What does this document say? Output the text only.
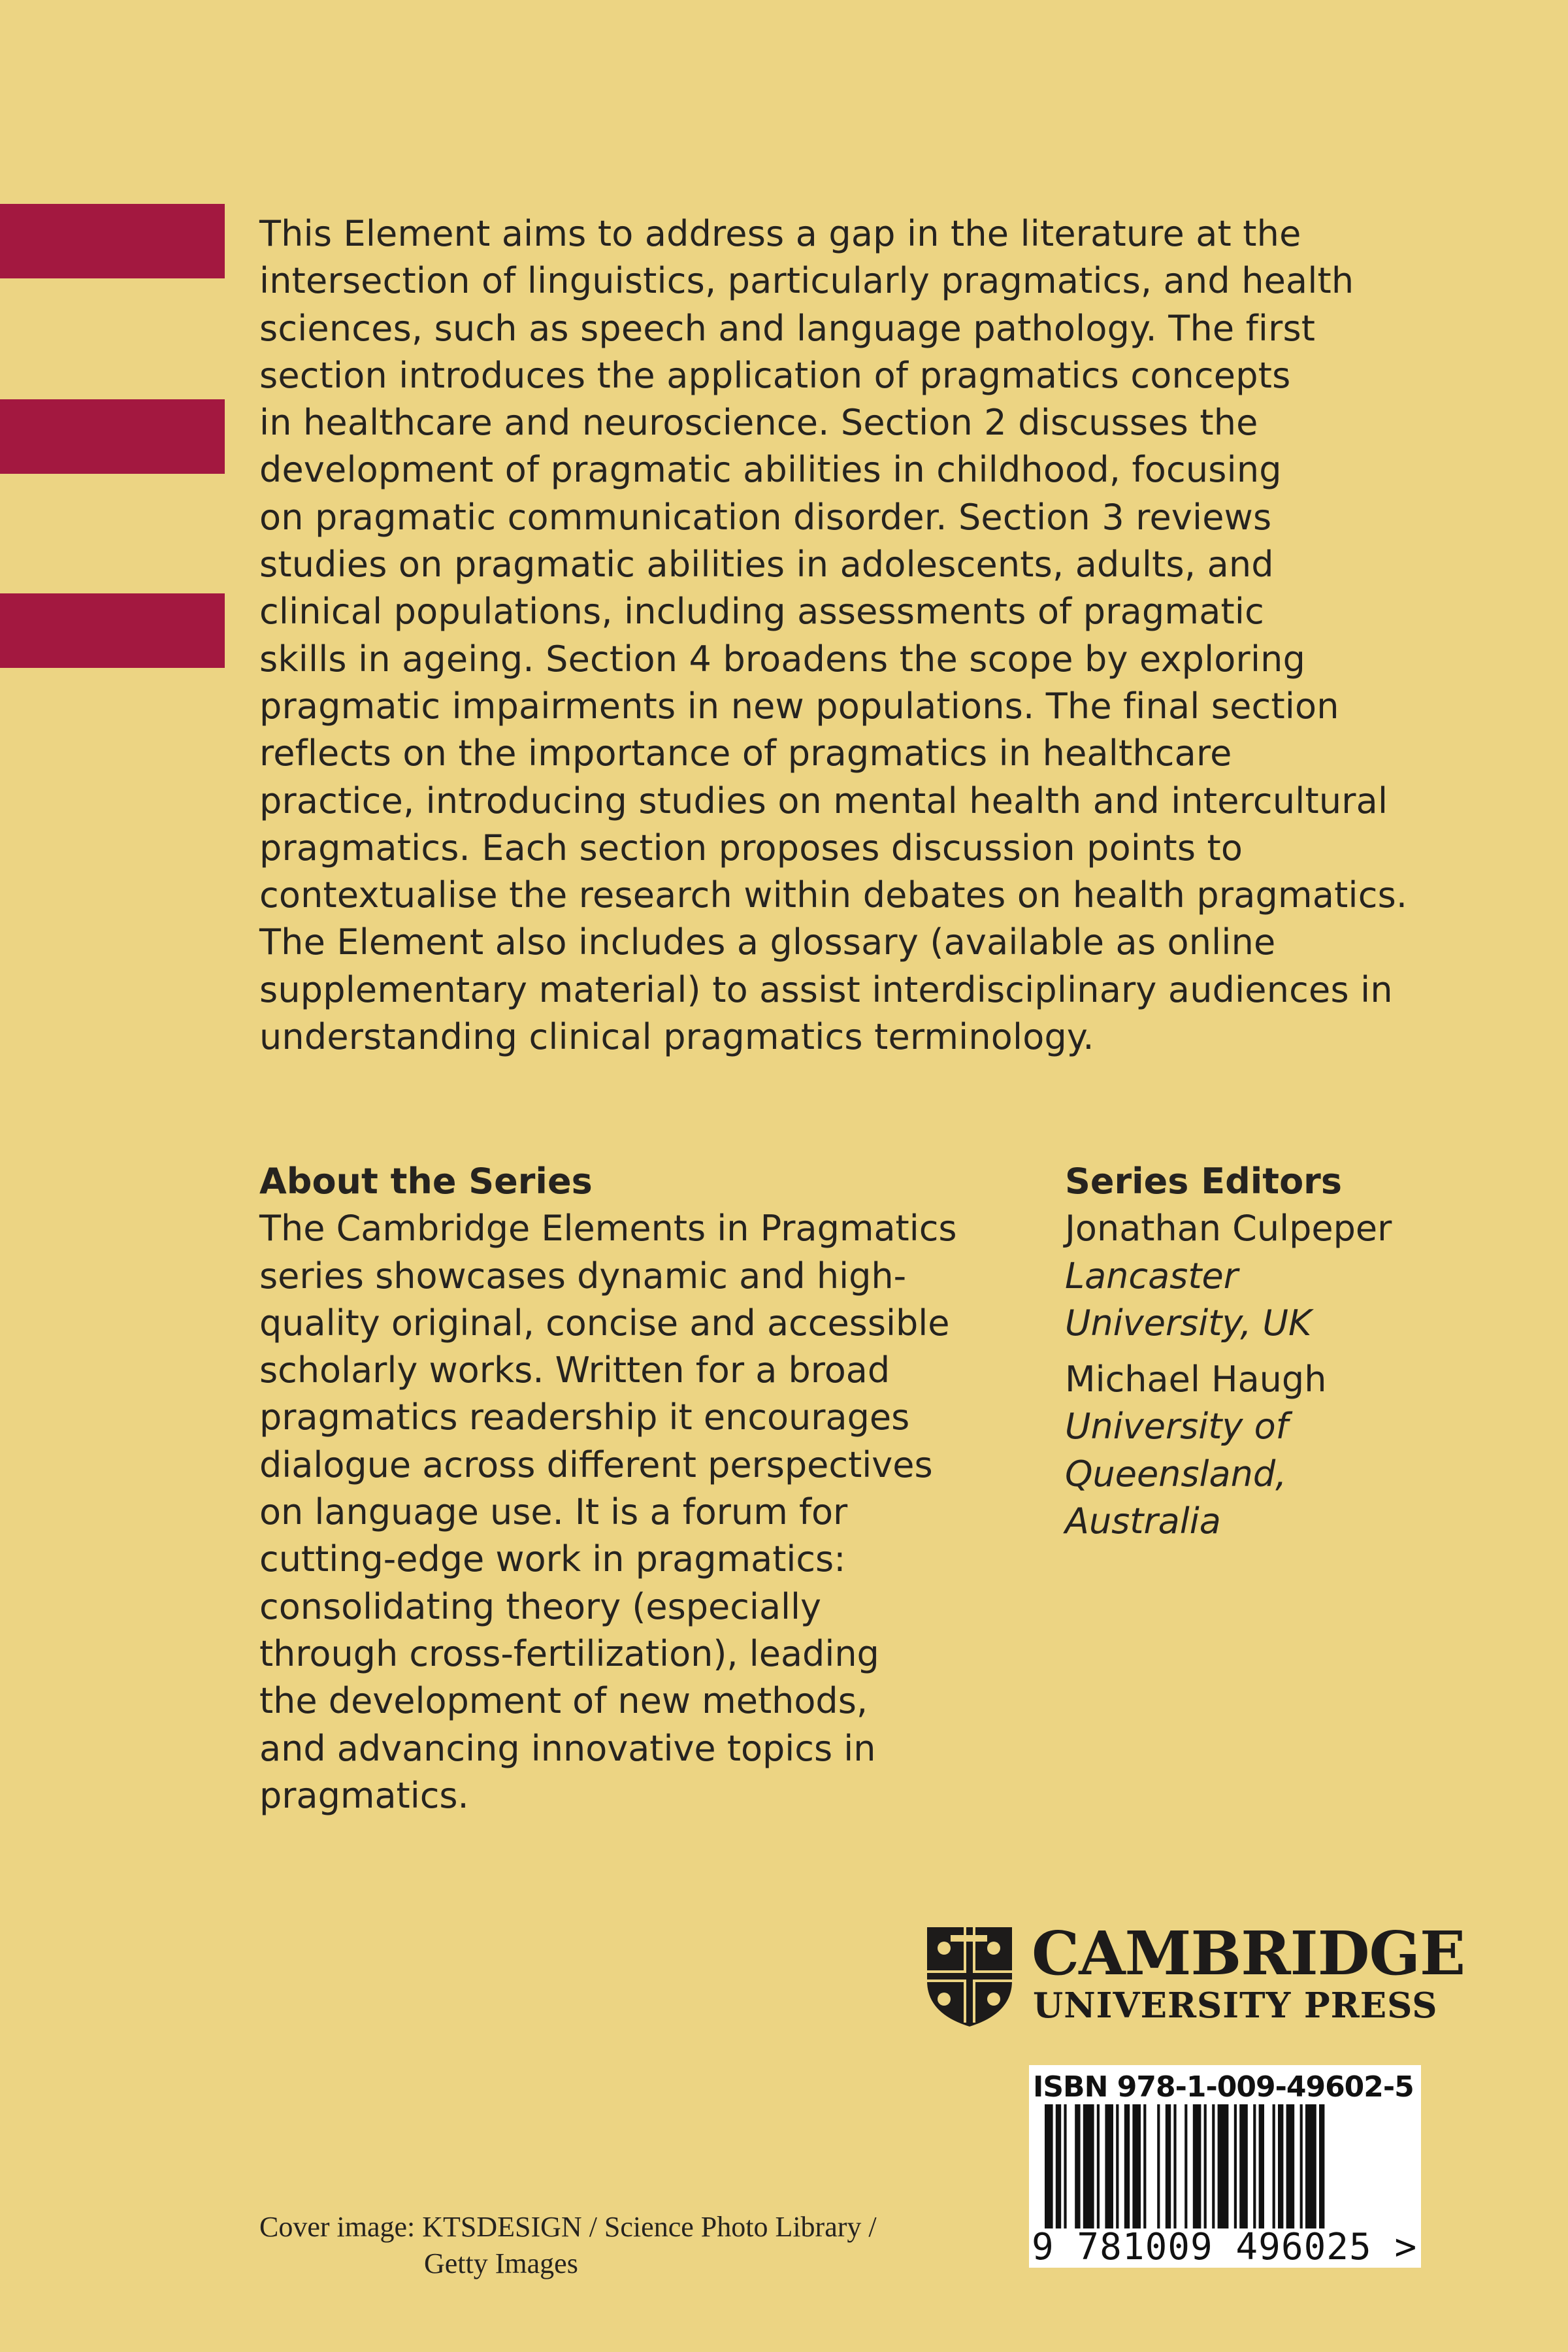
This Element aims to address a gap in the literature at the
intersection of linguistics, particularly pragmatics, and health
sciences, such as speech and language pathology. The first
section introduces the application of pragmatics concepts
in healthcare and neuroscience. Section 2 discusses the
development of pragmatic abilities in childhood, focusing
on pragmatic communication disorder. Section 3 reviews
studies on pragmatic abilities in adolescents, adults, and
clinical populations, including assessments of pragmatic
skills in ageing. Section 4 broadens the scope by exploring
pragmatic impairments in new populations. The final section
reflects on the importance of pragmatics in healthcare
practice, introducing studies on mental health and intercultural
pragmatics. Each section proposes discussion points to
contextualise the research within debates on health pragmatics.
The Element also includes a glossary (available as online
supplementary material) to assist interdisciplinary audiences in
understanding clinical pragmatics terminology.
About the Series
The Cambridge Elements in Pragmatics
series showcases dynamic and high-
quality original, concise and accessible
scholarly works. Written for a broad
pragmatics readership it encourages
dialogue across different perspectives
on language use. It is a forum for
cutting-edge work in pragmatics:
consolidating theory (especially
through cross-fertilization), leading
the development of new methods,
and advancing innovative topics in
pragmatics.
Series Editors
Jonathan Culpeper
Lancaster
University, UK
Michael Haugh
University of
Queensland,
Australia
CAMBRIDGE
UNIVERSITY PRESS
ISBN 978-1-009-49602-5
9 781009 496025 >
Cover image: KTSDESIGN / Science Photo Library /
Getty Images
